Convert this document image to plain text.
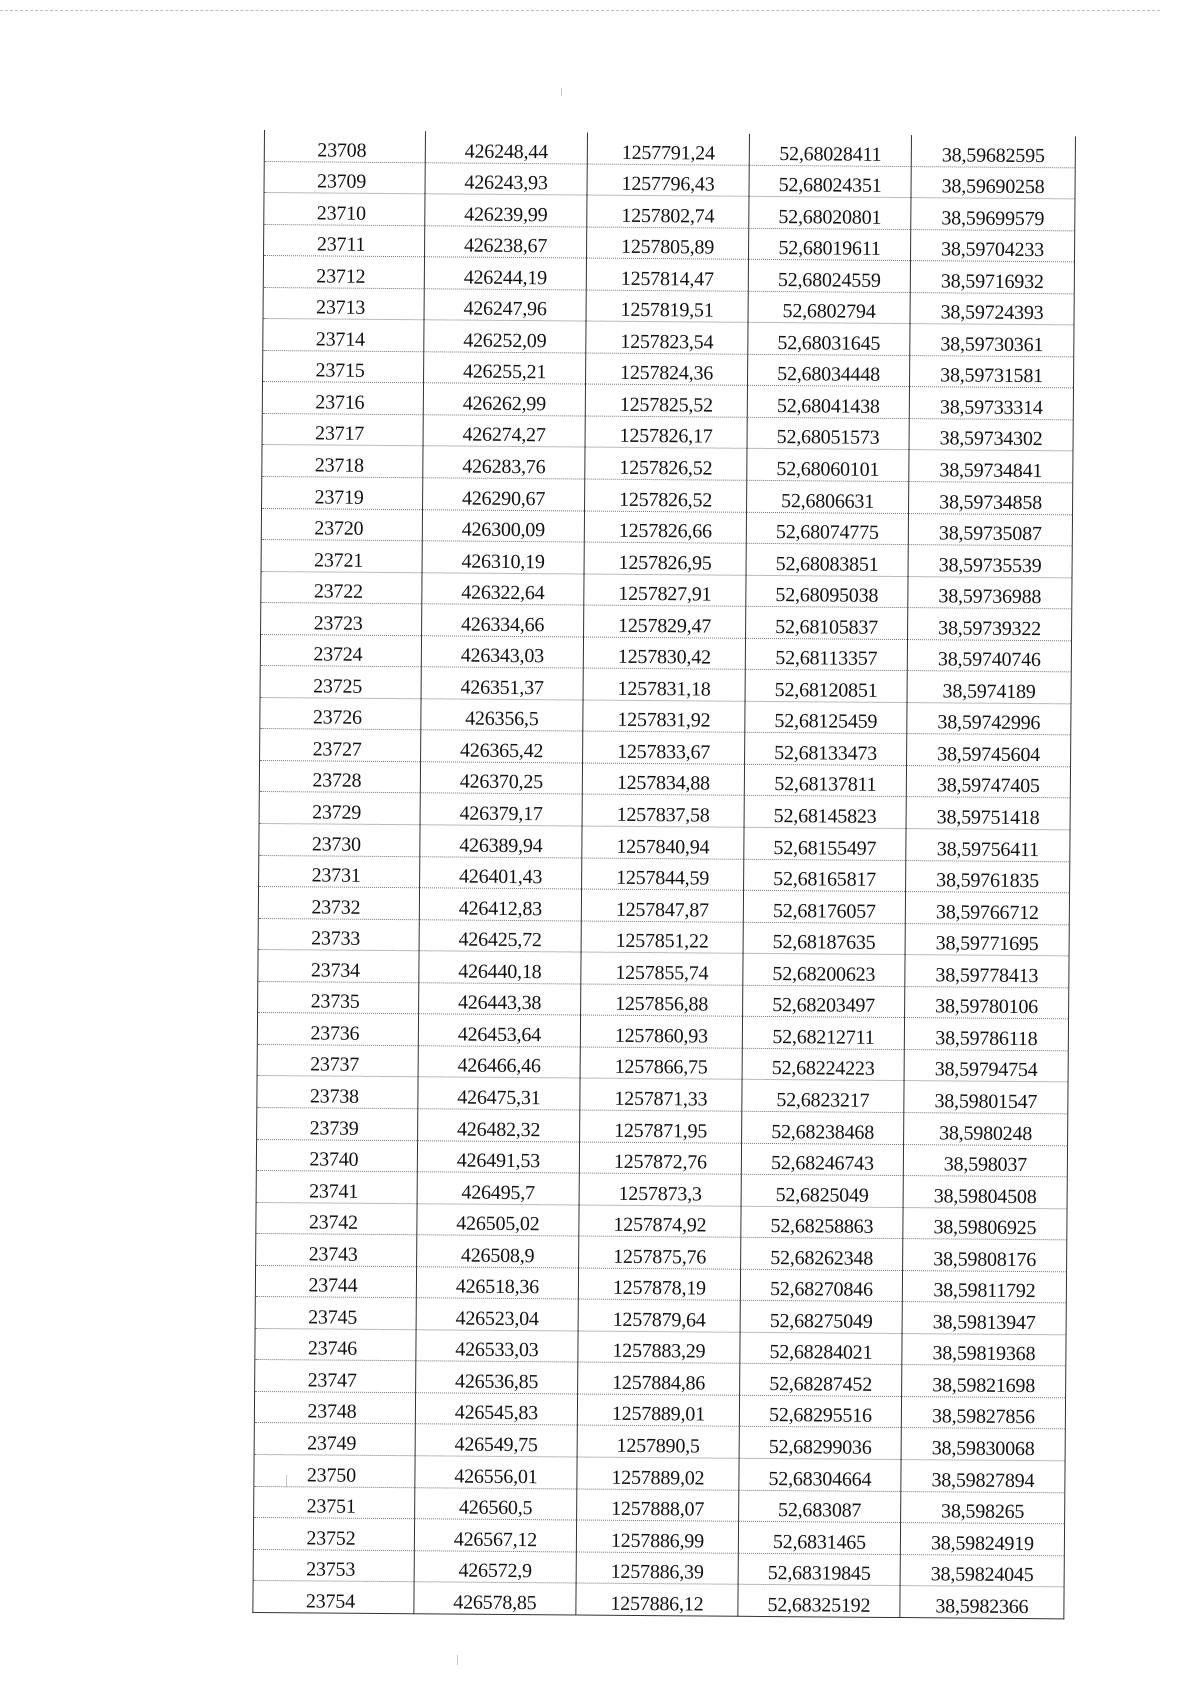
23708	426248,44	1257791,24	52,68028411	38,59682595
23709	426243,93	1257796,43	52,68024351	38,59690258
23710	426239,99	1257802,74	52,68020801	38,59699579
23711	426238,67	1257805,89	52,68019611	38,59704233
23712	426244,19	1257814,47	52,68024559	38,59716932
23713	426247,96	1257819,51	52,6802794	38,59724393
23714	426252,09	1257823,54	52,68031645	38,59730361
23715	426255,21	1257824,36	52,68034448	38,59731581
23716	426262,99	1257825,52	52,68041438	38,59733314
23717	426274,27	1257826,17	52,68051573	38,59734302
23718	426283,76	1257826,52	52,68060101	38,59734841
23719	426290,67	1257826,52	52,6806631	38,59734858
23720	426300,09	1257826,66	52,68074775	38,59735087
23721	426310,19	1257826,95	52,68083851	38,59735539
23722	426322,64	1257827,91	52,68095038	38,59736988
23723	426334,66	1257829,47	52,68105837	38,59739322
23724	426343,03	1257830,42	52,68113357	38,59740746
23725	426351,37	1257831,18	52,68120851	38,5974189
23726	426356,5	1257831,92	52,68125459	38,59742996
23727	426365,42	1257833,67	52,68133473	38,59745604
23728	426370,25	1257834,88	52,68137811	38,59747405
23729	426379,17	1257837,58	52,68145823	38,59751418
23730	426389,94	1257840,94	52,68155497	38,59756411
23731	426401,43	1257844,59	52,68165817	38,59761835
23732	426412,83	1257847,87	52,68176057	38,59766712
23733	426425,72	1257851,22	52,68187635	38,59771695
23734	426440,18	1257855,74	52,68200623	38,59778413
23735	426443,38	1257856,88	52,68203497	38,59780106
23736	426453,64	1257860,93	52,68212711	38,59786118
23737	426466,46	1257866,75	52,68224223	38,59794754
23738	426475,31	1257871,33	52,6823217	38,59801547
23739	426482,32	1257871,95	52,68238468	38,5980248
23740	426491,53	1257872,76	52,68246743	38,598037
23741	426495,7	1257873,3	52,6825049	38,59804508
23742	426505,02	1257874,92	52,68258863	38,59806925
23743	426508,9	1257875,76	52,68262348	38,59808176
23744	426518,36	1257878,19	52,68270846	38,59811792
23745	426523,04	1257879,64	52,68275049	38,59813947
23746	426533,03	1257883,29	52,68284021	38,59819368
23747	426536,85	1257884,86	52,68287452	38,59821698
23748	426545,83	1257889,01	52,68295516	38,59827856
23749	426549,75	1257890,5	52,68299036	38,59830068
23750	426556,01	1257889,02	52,68304664	38,59827894
23751	426560,5	1257888,07	52,683087	38,598265
23752	426567,12	1257886,99	52,6831465	38,59824919
23753	426572,9	1257886,39	52,68319845	38,59824045
23754	426578,85	1257886,12	52,68325192	38,5982366
